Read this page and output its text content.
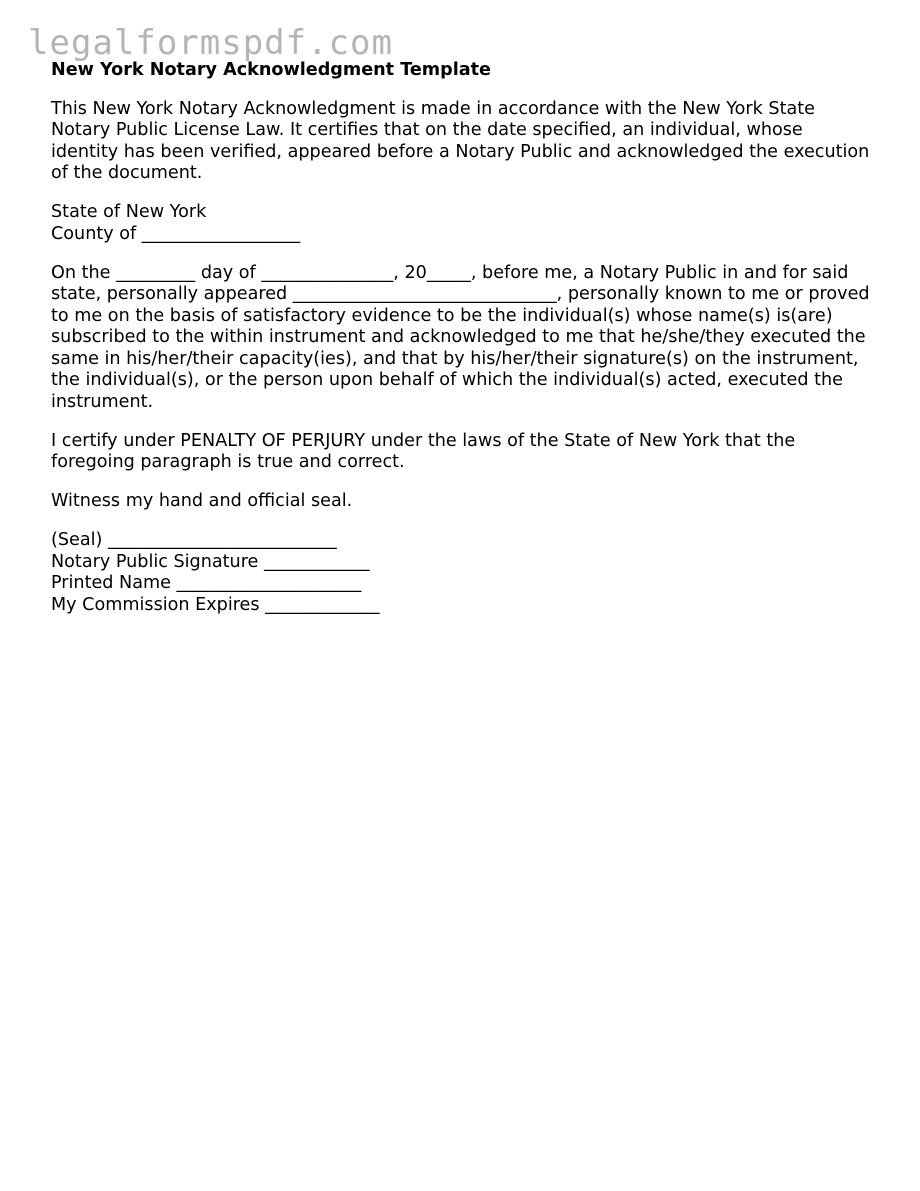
legalformspdf.com
New York Notary Acknowledgment Template

This New York Notary Acknowledgment is made in accordance with the New York State Notary Public License Law. It certifies that on the date specified, an individual, whose identity has been verified, appeared before a Notary Public and acknowledged the execution of the document.

State of New York
County of __________________

On the _________ day of _______________, 20_____, before me, a Notary Public in and for said state, personally appeared ______________________________, personally known to me or proved to me on the basis of satisfactory evidence to be the individual(s) whose name(s) is(are) subscribed to the within instrument and acknowledged to me that he/she/they executed the same in his/her/their capacity(ies), and that by his/her/their signature(s) on the instrument, the individual(s), or the person upon behalf of which the individual(s) acted, executed the instrument.

I certify under PENALTY OF PERJURY under the laws of the State of New York that the foregoing paragraph is true and correct.

Witness my hand and official seal.

(Seal) __________________________
Notary Public Signature ____________
Printed Name _____________________
My Commission Expires _____________
